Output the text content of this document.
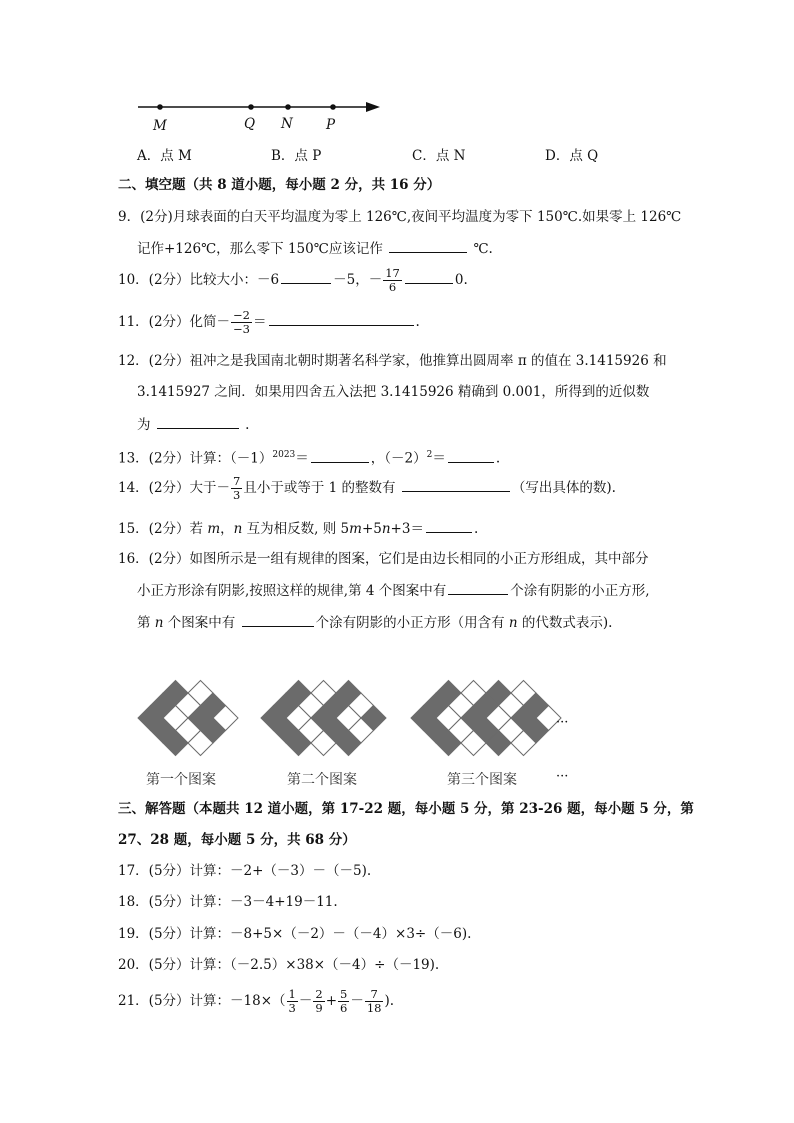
M	Q N P
A．点 M	B．点 P	C．点 N	D．点 Q
二、填空题（共 8 道小题，每小题 2 分，共 16 分）
9．(2分)月球表面的白天平均温度为零上 126℃,夜间平均温度为零下 150℃.如果零上 126℃
记作+126℃，那么零下 150℃应该记作	℃.
10．(2分）比较大小：－6	－5，－ $\frac{17}{6}$	0.
11．(2分）化简－ $\frac{-2}{-3}$ ＝	.
12．(2分）祖冲之是我国南北朝时期著名科学家，他推算出圆周率 π 的值在 3.1415926 和
3.1415927 之间．如果用四舍五入法把 3.1415926 精确到 0.001，所得到的近似数
为	.
13．(2分）计算：$(-1)^{2023}=$	，$(-2)^2=$	.
14．(2分）大于－ $\frac{7}{3}$ 且小于或等于 1 的整数有	（写出具体的数).
15．(2分）若 m，n 互为相反数, 则 5m+5n+3＝	.
16．(2分）如图所示是一组有规律的图案，它们是由边长相同的小正方形组成，其中部分
小正方形涂有阴影,按照这样的规律,第 4 个图案中有	个涂有阴影的小正方形,
第 n 个图案中有	个涂有阴影的小正方形（用含有 n 的代数式表示).
第一个图案	第二个图案	第三个图案
···
···
三、解答题（本题共 12 道小题，第 17-22 题，每小题 5 分，第 23-26 题，每小题 5 分，第
27、28 题，每小题 5 分，共 68 分）
17．(5分）计算：－2+（－3）－（－5).
18．(5分）计算：－3－4+19－11.
19．(5分）计算：－8+5×（－2）－（－4）×3÷（－6).
20．(5分）计算：（－2.5）×38×（－4）÷（－19).
21．(5分）计算：$-18\times( \frac{1}{3} - \frac{2}{9} + \frac{5}{6} - \frac{7}{18}$ ).
